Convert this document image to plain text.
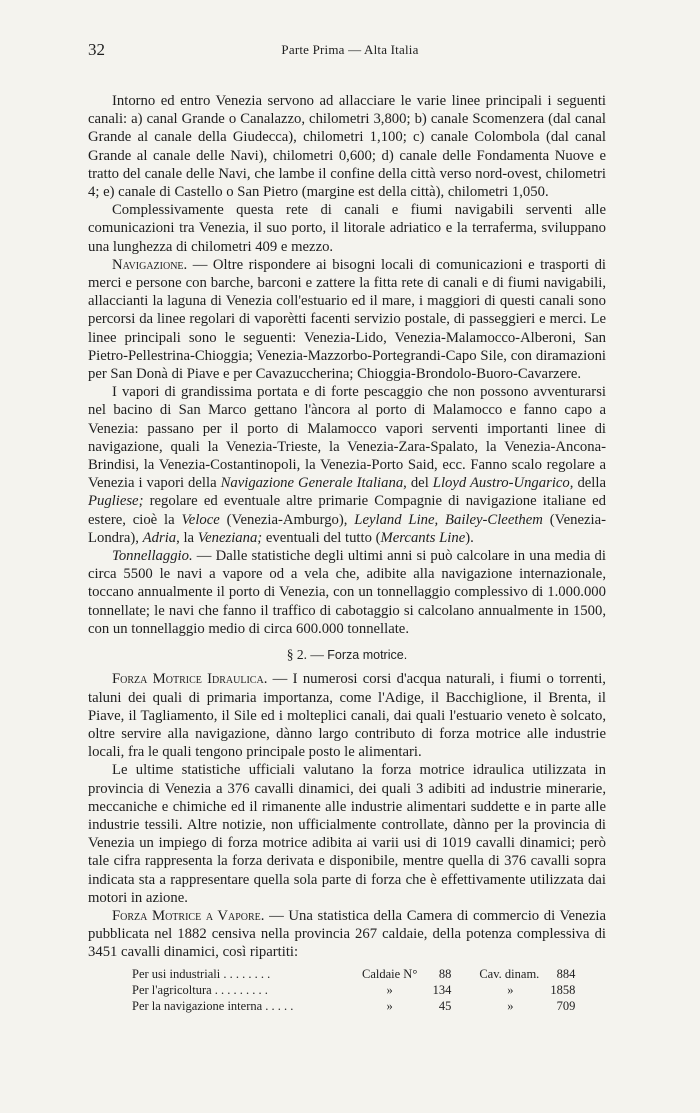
32	Parte Prima — Alta Italia

Intorno ed entro Venezia servono ad allacciare le varie linee principali i seguenti canali: a) canal Grande o Canalazzo, chilometri 3,800; b) canale Scomenzera (dal canal Grande al canale della Giudecca), chilometri 1,100; c) canale Colombola (dal canal Grande al canale delle Navi), chilometri 0,600; d) canale delle Fondamenta Nuove e tratto del canale delle Navi, che lambe il confine della città verso nord-ovest, chilometri 4; e) canale di Castello o San Pietro (margine est della città), chilometri 1,050.

Complessivamente questa rete di canali e fiumi navigabili serventi alle comunicazioni tra Venezia, il suo porto, il litorale adriatico e la terraferma, sviluppano una lunghezza di chilometri 409 e mezzo.

Navigazione. — Oltre rispondere ai bisogni locali di comunicazioni e trasporti di merci e persone con barche, barconi e zattere la fitta rete di canali e di fiumi navigabili, allaccianti la laguna di Venezia coll'estuario ed il mare, i maggiori di questi canali sono percorsi da linee regolari di vaporètti facenti servizio postale, di passeggieri e merci. Le linee principali sono le seguenti: Venezia-Lido, Venezia-Malamocco-Alberoni, San Pietro-Pellestrina-Chioggia; Venezia-Mazzorbo-Portegrandi-Capo Sile, con diramazioni per San Donà di Piave e per Cavazuccherina; Chioggia-Brondolo-Buoro-Cavarzere.

I vapori di grandissima portata e di forte pescaggio che non possono avventurarsi nel bacino di San Marco gettano l'àncora al porto di Malamocco e fanno capo a Venezia: passano per il porto di Malamocco vapori serventi importanti linee di navigazione, quali la Venezia-Trieste, la Venezia-Zara-Spalato, la Venezia-Ancona-Brindisi, la Venezia-Costantinopoli, la Venezia-Porto Said, ecc. Fanno scalo regolare a Venezia i vapori della Navigazione Generale Italiana, del Lloyd Austro-Ungarico, della Pugliese; regolare ed eventuale altre primarie Compagnie di navigazione italiane ed estere, cioè la Veloce (Venezia-Amburgo), Leyland Line, Bailey-Cleethem (Venezia-Londra), Adria, la Veneziana; eventuali del tutto (Mercants Line).

Tonnellaggio. — Dalle statistiche degli ultimi anni si può calcolare in una media di circa 5500 le navi a vapore od a vela che, adibite alla navigazione internazionale, toccano annualmente il porto di Venezia, con un tonnellaggio complessivo di 1.000.000 tonnellate; le navi che fanno il traffico di cabotaggio si calcolano annualmente in 1500, con un tonnellaggio medio di circa 600.000 tonnellate.

§ 2. — Forza motrice.

Forza Motrice Idraulica. — I numerosi corsi d'acqua naturali, i fiumi o torrenti, taluni dei quali di primaria importanza, come l'Adige, il Bacchiglione, il Brenta, il Piave, il Tagliamento, il Sile ed i molteplici canali, dai quali l'estuario veneto è solcato, oltre servire alla navigazione, dànno largo contributo di forza motrice alle industrie locali, fra le quali tengono principale posto le alimentari.

Le ultime statistiche ufficiali valutano la forza motrice idraulica utilizzata in provincia di Venezia a 376 cavalli dinamici, dei quali 3 adibiti ad industrie minerarie, meccaniche e chimiche ed il rimanente alle industrie alimentari suddette e in parte alle industrie tessili. Altre notizie, non ufficialmente controllate, dànno per la provincia di Venezia un impiego di forza motrice adibita ai varii usi di 1019 cavalli dinamici; però tale cifra rappresenta la forza derivata e disponibile, mentre quella di 376 cavalli sopra indicata sta a rappresentare quella sola parte di forza che è effettivamente utilizzata dai motori in azione.

Forza Motrice a Vapore. — Una statistica della Camera di commercio di Venezia pubblicata nel 1882 censiva nella provincia 267 caldaie, della potenza complessiva di 3451 cavalli dinamici, così ripartiti:

Per usi industriali . . . . . . . .	Caldaie N°	88		Cav. dinam.	884
Per l'agricoltura . . . . . . . . .	»	134		»	1858
Per la navigazione interna . . . . .	»	45		»	709
